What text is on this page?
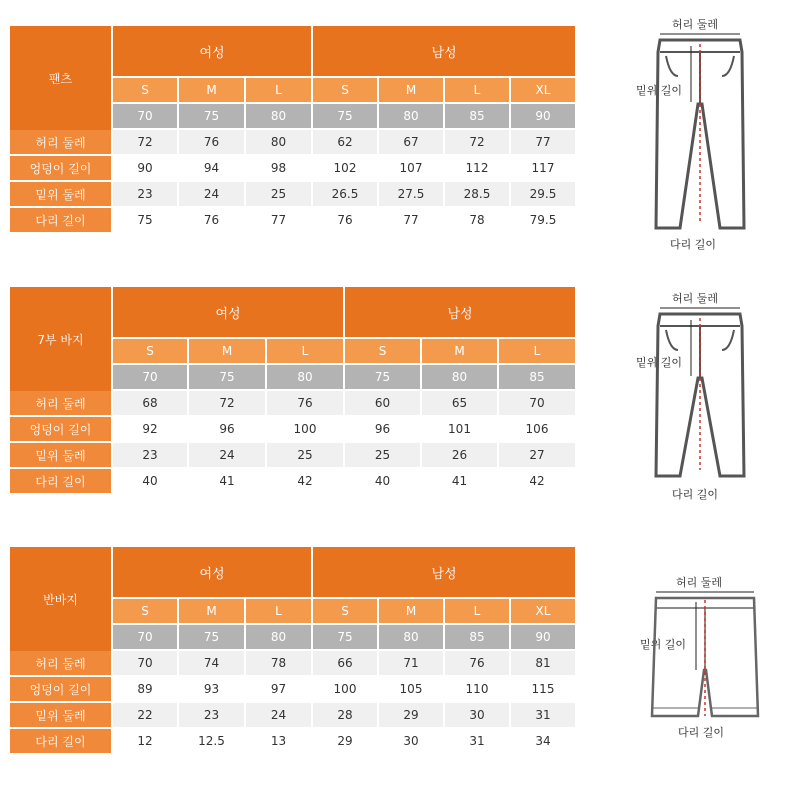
팬츠
여성	남성
S	M	L	S	M	L	XL
70	75	80	75	80	85	90
허리 둘레	72	76	80	62	67	72	77
엉덩이 길이	90	94	98	102	107	112	117
밑위 둘레	23	24	25	26.5	27.5	28.5	29.5
다리 길이	75	76	77	76	77	78	79.5
허리 둘레
밑위 길이
다리 길이
7부 바지
여성	남성
S	M	L	S	M	L
70	75	80	75	80	85
허리 둘레	68	72	76	60	65	70
엉덩이 길이	92	96	100	96	101	106
밑위 둘레	23	24	25	25	26	27
다리 길이	40	41	42	40	41	42
허리 둘레
밑위 길이
다리 길이
반바지
여성	남성
S	M	L	S	M	L	XL
70	75	80	75	80	85	90
허리 둘레	70	74	78	66	71	76	81
엉덩이 길이	89	93	97	100	105	110	115
밑위 둘레	22	23	24	28	29	30	31
다리 길이	12	12.5	13	29	30	31	34
허리 둘레
밑위 길이
다리 길이
